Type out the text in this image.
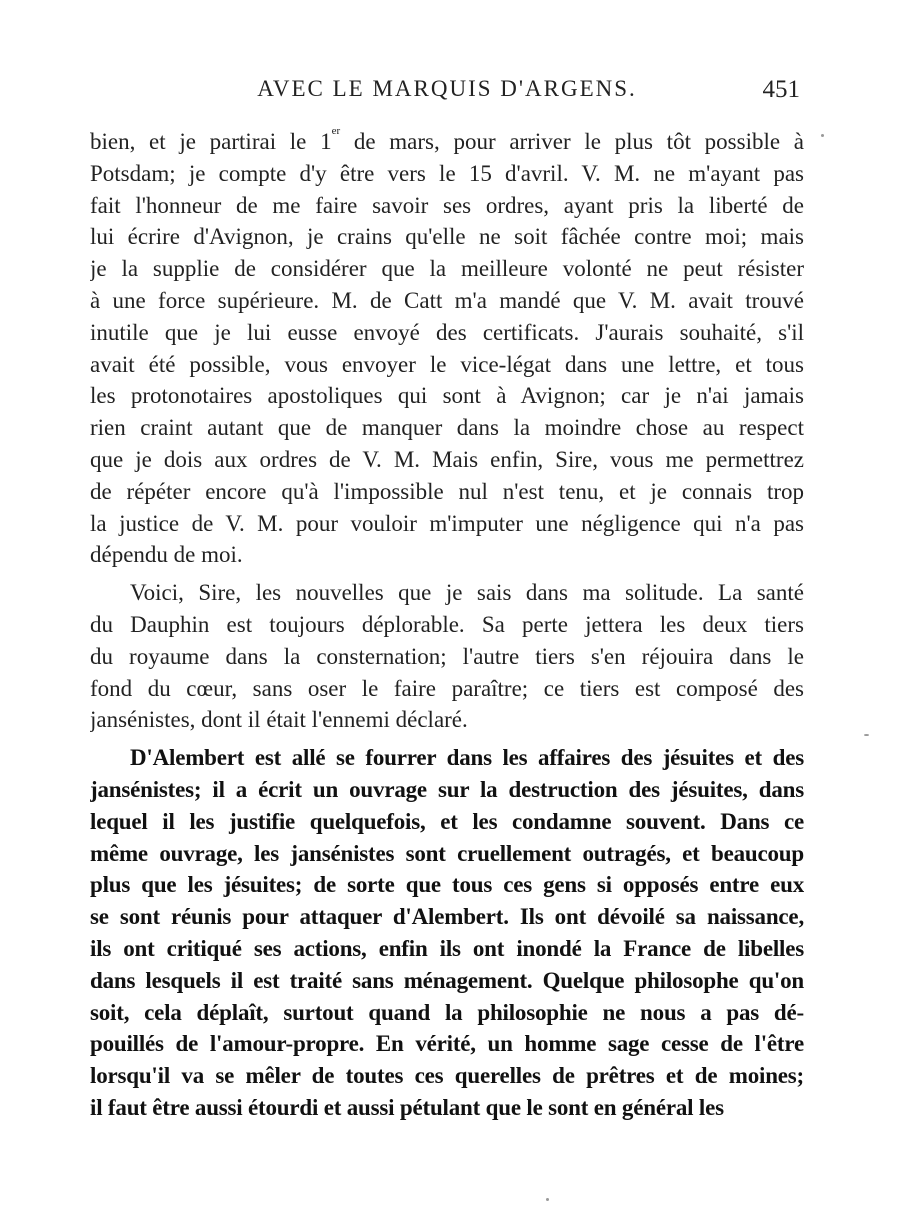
AVEC LE MARQUIS D'ARGENS.	451
bien, et je partirai le 1er de mars, pour arriver le plus tôt possible à
Potsdam; je compte d'y être vers le 15 d'avril. V. M. ne m'ayant pas
fait l'honneur de me faire savoir ses ordres, ayant pris la liberté de
lui écrire d'Avignon, je crains qu'elle ne soit fâchée contre moi; mais
je la supplie de considérer que la meilleure volonté ne peut résister
à une force supérieure. M. de Catt m'a mandé que V. M. avait trouvé
inutile que je lui eusse envoyé des certificats. J'aurais souhaité, s'il
avait été possible, vous envoyer le vice-légat dans une lettre, et tous
les protonotaires apostoliques qui sont à Avignon; car je n'ai jamais
rien craint autant que de manquer dans la moindre chose au respect
que je dois aux ordres de V. M. Mais enfin, Sire, vous me permettrez
de répéter encore qu'à l'impossible nul n'est tenu, et je connais trop
la justice de V. M. pour vouloir m'imputer une négligence qui n'a pas
dépendu de moi.
Voici, Sire, les nouvelles que je sais dans ma solitude. La santé
du Dauphin est toujours déplorable. Sa perte jettera les deux tiers
du royaume dans la consternation; l'autre tiers s'en réjouira dans le
fond du cœur, sans oser le faire paraître; ce tiers est composé des
jansénistes, dont il était l'ennemi déclaré.
D'Alembert est allé se fourrer dans les affaires des jésuites et des
jansénistes; il a écrit un ouvrage sur la destruction des jésuites, dans
lequel il les justifie quelquefois, et les condamne souvent. Dans ce
même ouvrage, les jansénistes sont cruellement outragés, et beaucoup
plus que les jésuites; de sorte que tous ces gens si opposés entre eux
se sont réunis pour attaquer d'Alembert. Ils ont dévoilé sa naissance,
ils ont critiqué ses actions, enfin ils ont inondé la France de libelles
dans lesquels il est traité sans ménagement. Quelque philosophe qu'on
soit, cela déplaît, surtout quand la philosophie ne nous a pas dé-
pouillés de l'amour-propre. En vérité, un homme sage cesse de l'être
lorsqu'il va se mêler de toutes ces querelles de prêtres et de moines;
il faut être aussi étourdi et aussi pétulant que le sont en général les
